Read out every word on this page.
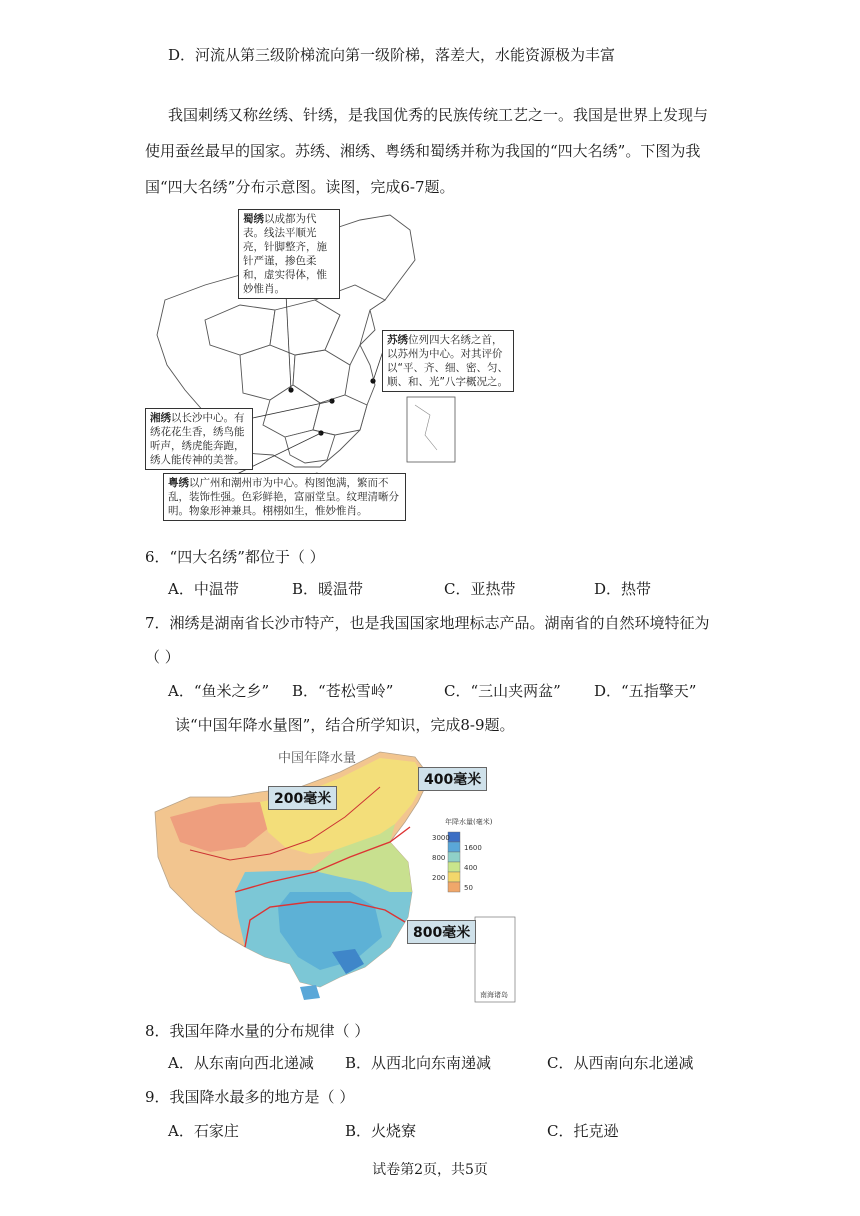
D．河流从第三级阶梯流向第一级阶梯，落差大，水能资源极为丰富
我国刺绣又称丝绣、针绣，是我国优秀的民族传统工艺之一。我国是世界上发现与
使用蚕丝最早的国家。苏绣、湘绣、粤绣和蜀绣并称为我国的“四大名绣”。下图为我
国“四大名绣”分布示意图。读图，完成6-7题。
蜀绣以成都为代表。线法平顺光亮，针脚整齐，施针严谨，掺色柔和，虚实得体，惟妙惟肖。
苏绣位列四大名绣之首，以苏州为中心。对其评价以“平、齐、细、密、匀、顺、和、光”八字概况之。
湘绣以长沙中心。有绣花花生香，绣鸟能听声，绣虎能奔跑，绣人能传神的美誉。
粤绣以广州和潮州市为中心。构图饱满，繁而不乱，装饰性强。色彩鲜艳，富丽堂皇。纹理清晰分明。物象形神兼具。栩栩如生，惟妙惟肖。
6．“四大名绣”都位于（ ）
A．中温带	B．暖温带	C．亚热带	D．热带
7．湘绣是湖南省长沙市特产，也是我国国家地理标志产品。湖南省的自然环境特征为
（ ）
A．“鱼米之乡” B．“苍松雪岭”	C．“三山夹两盆” D．“五指擎天”
读“中国年降水量图”，结合所学知识，完成8-9题。
中国年降水量
年降水量(毫米)
3000
1600
800
400
200
50
南海诸岛
200毫米
400毫米
800毫米
8．我国年降水量的分布规律（ ）
A．从东南向西北递减 B．从西北向东南递减	C．从西南向东北递减
9．我国降水最多的地方是（ ）
A．石家庄	B．火烧寮	C．托克逊
试卷第2页，共5页
